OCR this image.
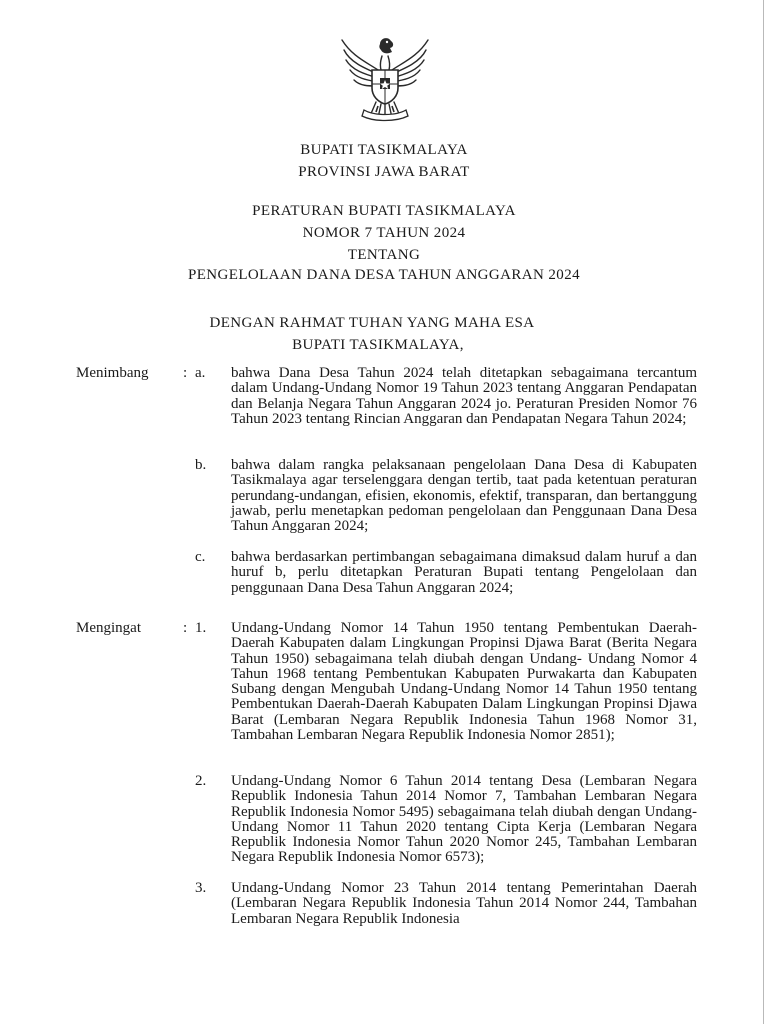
BUPATI TASIKMALAYA
PROVINSI JAWA BARAT
PERATURAN BUPATI TASIKMALAYA
NOMOR 7 TAHUN 2024
TENTANG
PENGELOLAAN DANA DESA TAHUN ANGGARAN 2024
DENGAN RAHMAT TUHAN YANG MAHA ESA
BUPATI TASIKMALAYA,
Menimbang : a. bahwa Dana Desa Tahun 2024 telah ditetapkan sebagaimana tercantum dalam Undang-Undang Nomor 19 Tahun 2023 tentang Anggaran Pendapatan dan Belanja Negara Tahun Anggaran 2024 jo. Peraturan Presiden Nomor 76 Tahun 2023 tentang Rincian Anggaran dan Pendapatan Negara Tahun 2024;
b. bahwa dalam rangka pelaksanaan pengelolaan Dana Desa di Kabupaten Tasikmalaya agar terselenggara dengan tertib, taat pada ketentuan peraturan perundang-undangan, efisien, ekonomis, efektif, transparan, dan bertanggung jawab, perlu menetapkan pedoman pengelolaan dan Penggunaan Dana Desa Tahun Anggaran 2024;
c. bahwa berdasarkan pertimbangan sebagaimana dimaksud dalam huruf a dan huruf b, perlu ditetapkan Peraturan Bupati tentang Pengelolaan dan penggunaan Dana Desa Tahun Anggaran 2024;
Mengingat	: 1. Undang-Undang Nomor 14 Tahun 1950 tentang Pembentukan Daerah-Daerah Kabupaten dalam Lingkungan Propinsi Djawa Barat (Berita Negara Tahun 1950) sebagaimana telah diubah dengan Undang- Undang Nomor 4 Tahun 1968 tentang Pembentukan Kabupaten Purwakarta dan Kabupaten Subang dengan Mengubah Undang-Undang Nomor 14 Tahun 1950 tentang Pembentukan Daerah-Daerah Kabupaten Dalam Lingkungan Propinsi Djawa Barat (Lembaran Negara Republik Indonesia Tahun 1968 Nomor 31, Tambahan Lembaran Negara Republik Indonesia Nomor 2851);
2. Undang-Undang Nomor 6 Tahun 2014 tentang Desa (Lembaran Negara Republik Indonesia Tahun 2014 Nomor 7, Tambahan Lembaran Negara Republik Indonesia Nomor 5495) sebagaimana telah diubah dengan Undang-Undang Nomor 11 Tahun 2020 tentang Cipta Kerja (Lembaran Negara Republik Indonesia Nomor Tahun 2020 Nomor 245, Tambahan Lembaran Negara Republik Indonesia Nomor 6573);
3. Undang-Undang Nomor 23 Tahun 2014 tentang Pemerintahan Daerah (Lembaran Negara Republik Indonesia Tahun 2014 Nomor 244, Tambahan Lembaran Negara Republik Indonesia
